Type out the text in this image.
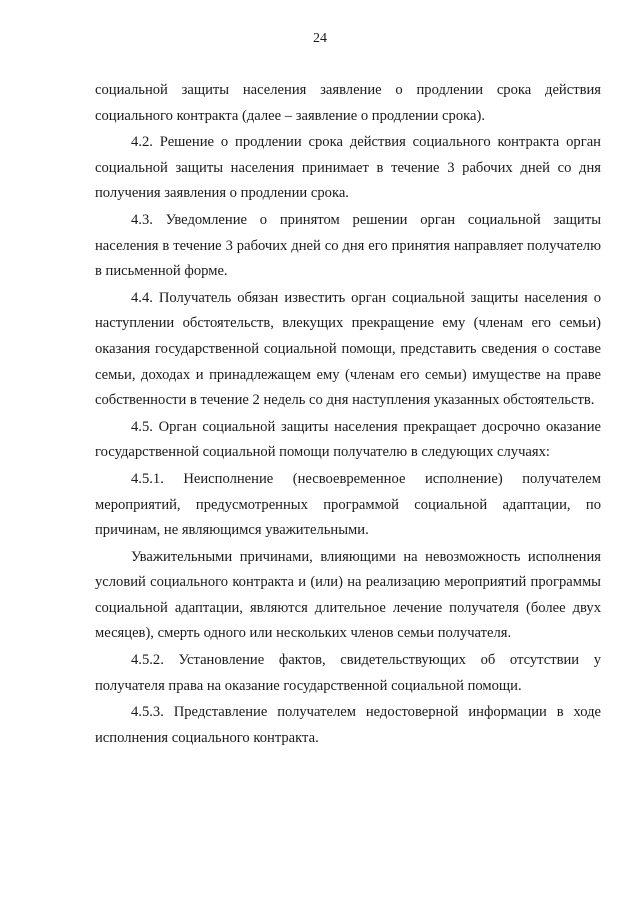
24

социальной защиты населения заявление о продлении срока действия социального контракта (далее – заявление о продлении срока).

4.2. Решение о продлении срока действия социального контракта орган социальной защиты населения принимает в течение 3 рабочих дней со дня получения заявления о продлении срока.

4.3. Уведомление о принятом решении орган социальной защиты населения в течение 3 рабочих дней со дня его принятия направляет получателю в письменной форме.

4.4. Получатель обязан известить орган социальной защиты населения о наступлении обстоятельств, влекущих прекращение ему (членам его семьи) оказания государственной социальной помощи, представить сведения о составе семьи, доходах и принадлежащем ему (членам его семьи) имуществе на праве собственности в течение 2 недель со дня наступления указанных обстоятельств.

4.5. Орган социальной защиты населения прекращает досрочно оказание государственной социальной помощи получателю в следующих случаях:

4.5.1. Неисполнение (несвоевременное исполнение) получателем мероприятий, предусмотренных программой социальной адаптации, по причинам, не являющимся уважительными.

Уважительными причинами, влияющими на невозможность исполнения условий социального контракта и (или) на реализацию мероприятий программы социальной адаптации, являются длительное лечение получателя (более двух месяцев), смерть одного или нескольких членов семьи получателя.

4.5.2. Установление фактов, свидетельствующих об отсутствии у получателя права на оказание государственной социальной помощи.

4.5.3. Представление получателем недостоверной информации в ходе исполнения социального контракта.
